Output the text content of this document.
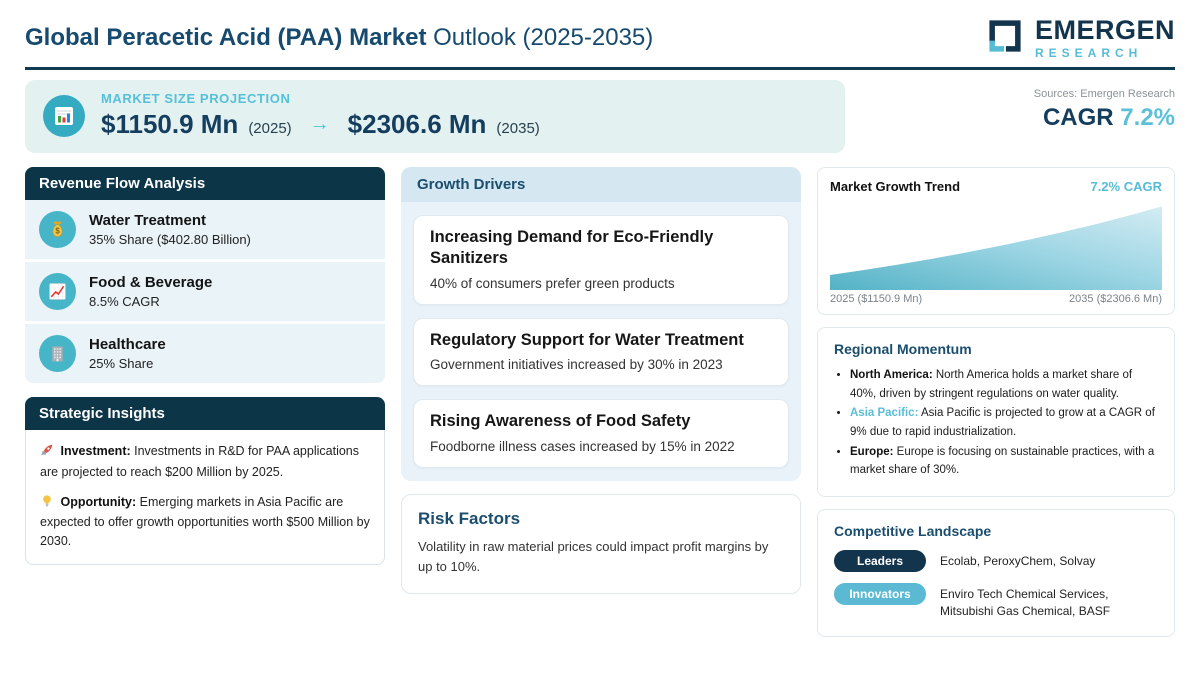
Global Peracetic Acid (PAA) Market Outlook (2025-2035)	EMERGEN
RESEARCH
MARKET SIZE PROJECTION
$1150.9 Mn (2025) → $2306.6 Mn (2035)
Sources: Emergen Research
CAGR 7.2%
Revenue Flow Analysis
$
Water Treatment
35% Share ($402.80 Billion)
Food & Beverage
8.5% CAGR
Healthcare
25% Share
Strategic Insights
Investment: Investments in R&D for PAA applications are projected to reach $200 Million by 2025.
Opportunity: Emerging markets in Asia Pacific are expected to offer growth opportunities worth $500 Million by 2030.
Growth Drivers
Increasing Demand for Eco-Friendly Sanitizers
40% of consumers prefer green products
Regulatory Support for Water Treatment
Government initiatives increased by 30% in 2023
Rising Awareness of Food Safety
Foodborne illness cases increased by 15% in 2022
Risk Factors
Volatility in raw material prices could impact profit margins by up to 10%.
Market Growth Trend	7.2% CAGR
2025 ($1150.9 Mn)	2035 ($2306.6 Mn)
Regional Momentum
• North America: North America holds a market share of 40%, driven by stringent regulations on water quality.
• Asia Pacific: Asia Pacific is projected to grow at a CAGR of 9% due to rapid industrialization.
• Europe: Europe is focusing on sustainable practices, with a market share of 30%.
Competitive Landscape
Leaders	Ecolab, PeroxyChem, Solvay
Innovators	Enviro Tech Chemical Services, Mitsubishi Gas Chemical, BASF
